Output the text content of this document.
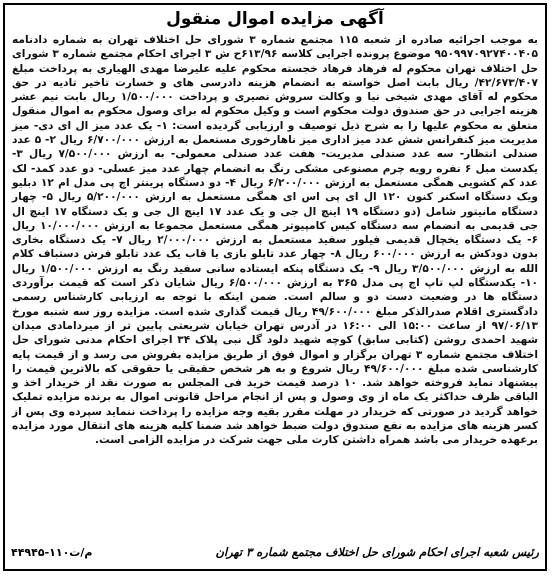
آگهی مزایده اموال منقول

به موجب اجرائیه صادره از شعبه ۱۱۵ مجتمع شماره ۳ شورای حل اختلاف تهران به شماره دادنامه ۹۵۰۹۹۷۰۹۲۷۴۰۰۴۰۵ موضوع پرونده اجرایی کلاسه ۶۱۳/۹۶ح ش ۳ اجرای احکام مجتمع شماره ۳ شورای حل اختلاف تهران محکوم له فرهاد فرهاد خجسته محکوم علیه علیرضا مهدی الهیاری به پرداخت مبلغ ۴۲/۶۷۳/۴۰۷/ ریال بابت اصل خواسته به انضمام هزینه دادرسی های و خسارت تاخیر تادیه در حق محکوم له آقای مهدی شیخی نیا و وکالت سروش نصیری و پرداخت ۱/۵۰۰/۰۰۰ ریال بابت نیم عشر هزینه اجرایی در حق صندوق دولت محکوم است و وکیل محکوم له برای وصول محکوم به اموال منقول متعلق به محکوم علیها را به شرح ذیل توصیف و ارزیابی گردیده است: ۱- یک عدد میز ال ای دی- میز مدیریت میز کنفرانس شش عدد میز اداری میز ناهارخوری مستعمل به ارزش ۶/۷۰۰/۰۰۰ ریال ۲- ۵ عدد صندلی انتظار- سه عدد صندلی مدیریت- هفت عدد صندلی معمولی- به ارزش ۷/۵۰۰/۰۰۰ ریال ۳- یکدست مبل ۶ نفره رویه چرم مصنوعی مشکی رنگ به انضمام چهار عدد میز عسلی- دو عدد کمد- لک عدد کم کشویی همگی مستعمل به ارزش ۶/۲۰۰/۰۰۰ ریال ۴- دو دستگاه پرینتر اچ پی مدل ام ۱۲ دبلیو ویک دستگاه اسکنر کنون ۱۲۰ ال ای پی اس ای همگی مستعمل به ارزش ۵/۲۰۰/۰۰۰ ریال ۵- چهار دستگاه مانیتور شامل (دو دستگاه ۱۹ اینچ ال جی و یک عدد ۱۷ اینچ ال جی و یک دستگاه ۱۷ اینچ ال جی قدیمی به انضمام سه دستگاه کیس کامپیوتر همگی مستعمل مجموعا به ارزش ۱۰/۰۰۰/۰۰۰ ریال ۶- یک دستگاه یخچال قدیمی فیلور سفید مستعمل به ارزش ۲/۰۰۰/۰۰۰ ریال ۷- یک دستگاه بخاری بدون دودکش به ارزش ۶۰۰/۰۰۰ ریال ۸- چهار عدد تابلو بازی یا قاب یک عدد تابلو فرش دستباف کلام الله به ارزش ۳/۵۰۰/۰۰۰ ریال ۹- یک دستگاه پنکه ایستاده سانی سفید رنگ به ارزش ۱/۵۰۰/۰۰۰ ریال ۱۰- یکدستگاه لپ تاپ اچ پی مدل ۳۶۵ به ارزش ۶/۵۰۰/۰۰۰ ریال شایان ذکر است که قیمت برآوردی دستگاه ها در وضعیت دست دو و سالم است. ضمن اینکه با توجه به ارزیابی کارشناس رسمی دادگستری اقلام صدرالذکر مبلغ ۴۹/۶۰۰/۰۰۰ ریال قیمت گذاری شده است. مزایده روز سه شنبه مورخ ۹۷/۰۶/۱۳ از ساعت ۱۵:۰۰ الی ۱۶:۰۰ در آدرس تهران خیابان شریعتی پایین تر از میردامادی میدان شهید احمدی روشن (کتابی سابق) کوچه شهید دلود گل نبی پلاک ۳۴ اجرای احکام مدنی شورای حل اختلاف مجتمع شماره ۳ تهران برگزار و اموال فوق از طریق مزایده بفروش می رسد و از قیمت پایه کارشناسی شده مبلغ ۴۹/۶۰۰/۰۰۰ ریال شروع و به هر شخص حقیقی یا حقوقی که بالاترین قیمت را پیشنهاد نماید فروخته خواهد شد. ۱۰ درصد قیمت خرید فی المجلس به صورت نقد از خریدار اخذ و الباقی ظرف حداکثر یک ماه از وی وصول و پس از انجام مراحل قانونی اموال به برنده مزایده تملیک خواهد گردید در صورتی که خریدار در مهلت مقرر بقیه وجه مزایده را پرداخت ننماید سپرده وی پس از کسر هزینه های مزایده به نفع صندوق دولت ضبط خواهد شد ضمنا کلیه هزینه های انتقال مورد مزایده برعهده خریدار می باشد همراه داشتن کارت ملی جهت شرکت در مزایده الزامی است.

رئیس شعبه اجرای احکام شورای حل اختلاف مجتمع شماره ۳ تهران
۴۴۹۴۵-م/ت۱۱۰
